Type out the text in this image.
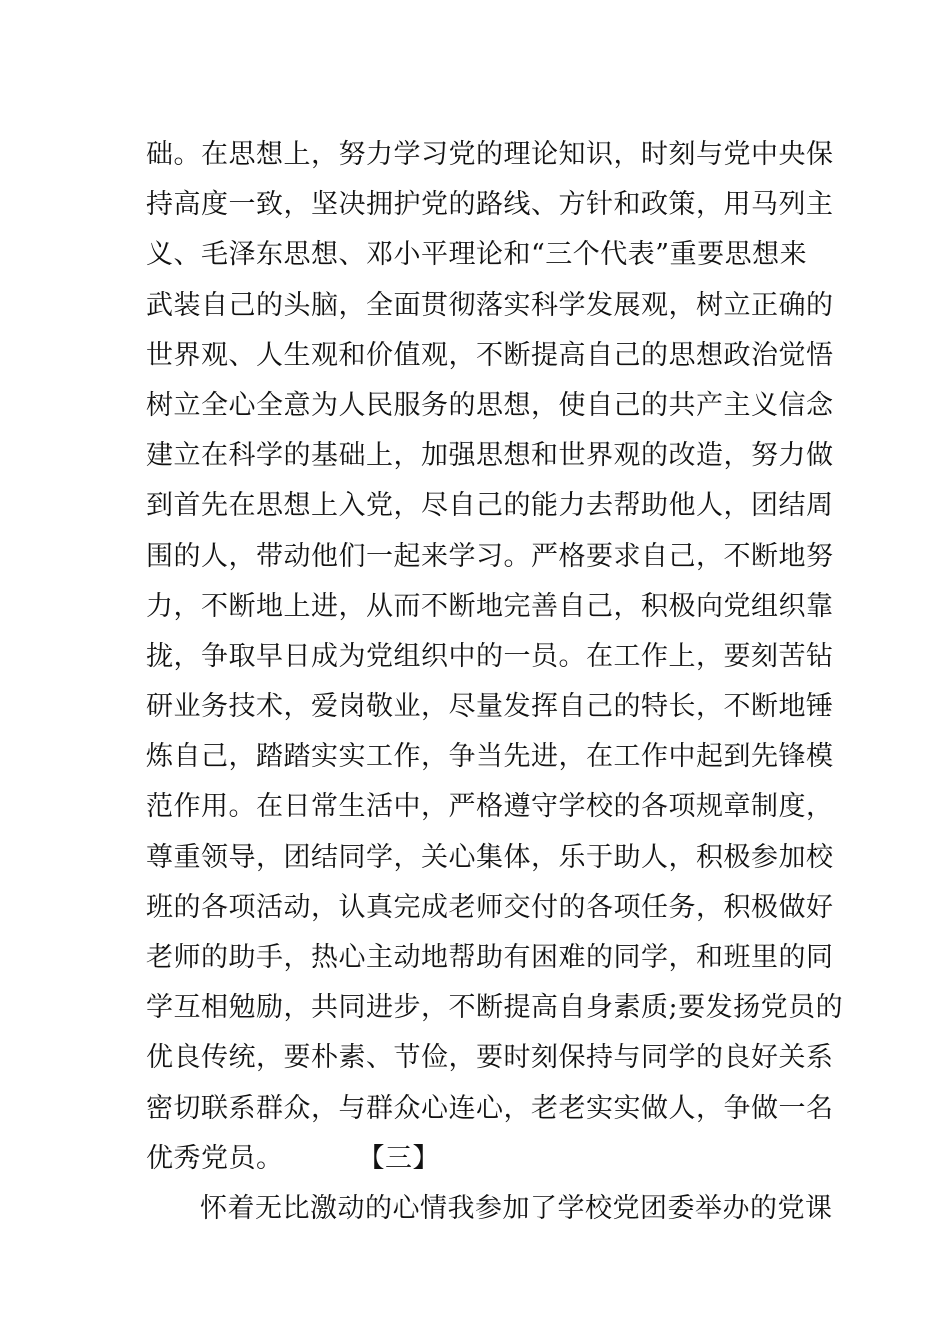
础。在思想上，努力学习党的理论知识，时刻与党中央保
持高度一致，坚决拥护党的路线、方针和政策，用马列主
义、毛泽东思想、邓小平理论和“三个代表”重要思想来
武装自己的头脑，全面贯彻落实科学发展观，树立正确的
世界观、人生观和价值观，不断提高自己的思想政治觉悟
树立全心全意为人民服务的思想，使自己的共产主义信念
建立在科学的基础上，加强思想和世界观的改造，努力做
到首先在思想上入党，尽自己的能力去帮助他人，团结周
围的人，带动他们一起来学习。严格要求自己，不断地努
力，不断地上进，从而不断地完善自己，积极向党组织靠
拢，争取早日成为党组织中的一员。在工作上，要刻苦钻
研业务技术，爱岗敬业，尽量发挥自己的特长，不断地锤
炼自己，踏踏实实工作，争当先进，在工作中起到先锋模
范作用。在日常生活中，严格遵守学校的各项规章制度，
尊重领导，团结同学，关心集体，乐于助人，积极参加校
班的各项活动，认真完成老师交付的各项任务，积极做好
老师的助手，热心主动地帮助有困难的同学，和班里的同
学互相勉励，共同进步，不断提高自身素质;要发扬党员的
优良传统，要朴素、节俭，要时刻保持与同学的良好关系
密切联系群众，与群众心连心，老老实实做人，争做一名
优秀党员。	【三】
怀着无比激动的心情我参加了学校党团委举办的党课
